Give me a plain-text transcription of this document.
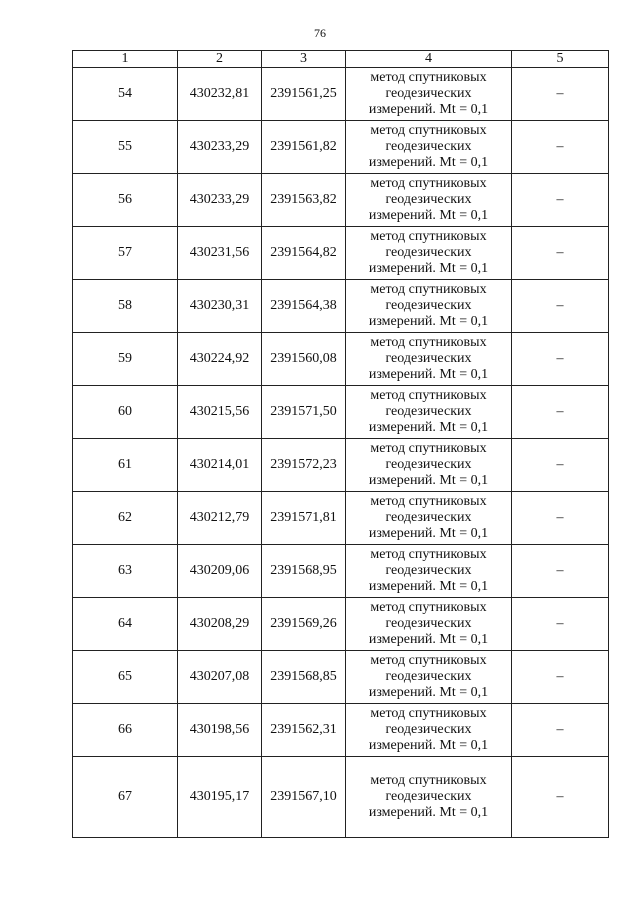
76
1	2	3	4	5
54	430232,81	2391561,25	метод спутниковых
геодезических
измерений. Mt = 0,1	–
55	430233,29	2391561,82	метод спутниковых
геодезических
измерений. Mt = 0,1	–
56	430233,29	2391563,82	метод спутниковых
геодезических
измерений. Mt = 0,1	–
57	430231,56	2391564,82	метод спутниковых
геодезических
измерений. Mt = 0,1	–
58	430230,31	2391564,38	метод спутниковых
геодезических
измерений. Mt = 0,1	–
59	430224,92	2391560,08	метод спутниковых
геодезических
измерений. Mt = 0,1	–
60	430215,56	2391571,50	метод спутниковых
геодезических
измерений. Mt = 0,1	–
61	430214,01	2391572,23	метод спутниковых
геодезических
измерений. Mt = 0,1	–
62	430212,79	2391571,81	метод спутниковых
геодезических
измерений. Mt = 0,1	–
63	430209,06	2391568,95	метод спутниковых
геодезических
измерений. Mt = 0,1	–
64	430208,29	2391569,26	метод спутниковых
геодезических
измерений. Mt = 0,1	–
65	430207,08	2391568,85	метод спутниковых
геодезических
измерений. Mt = 0,1	–
66	430198,56	2391562,31	метод спутниковых
геодезических
измерений. Mt = 0,1	–
67	430195,17	2391567,10	метод спутниковых
геодезических
измерений. Mt = 0,1	–
